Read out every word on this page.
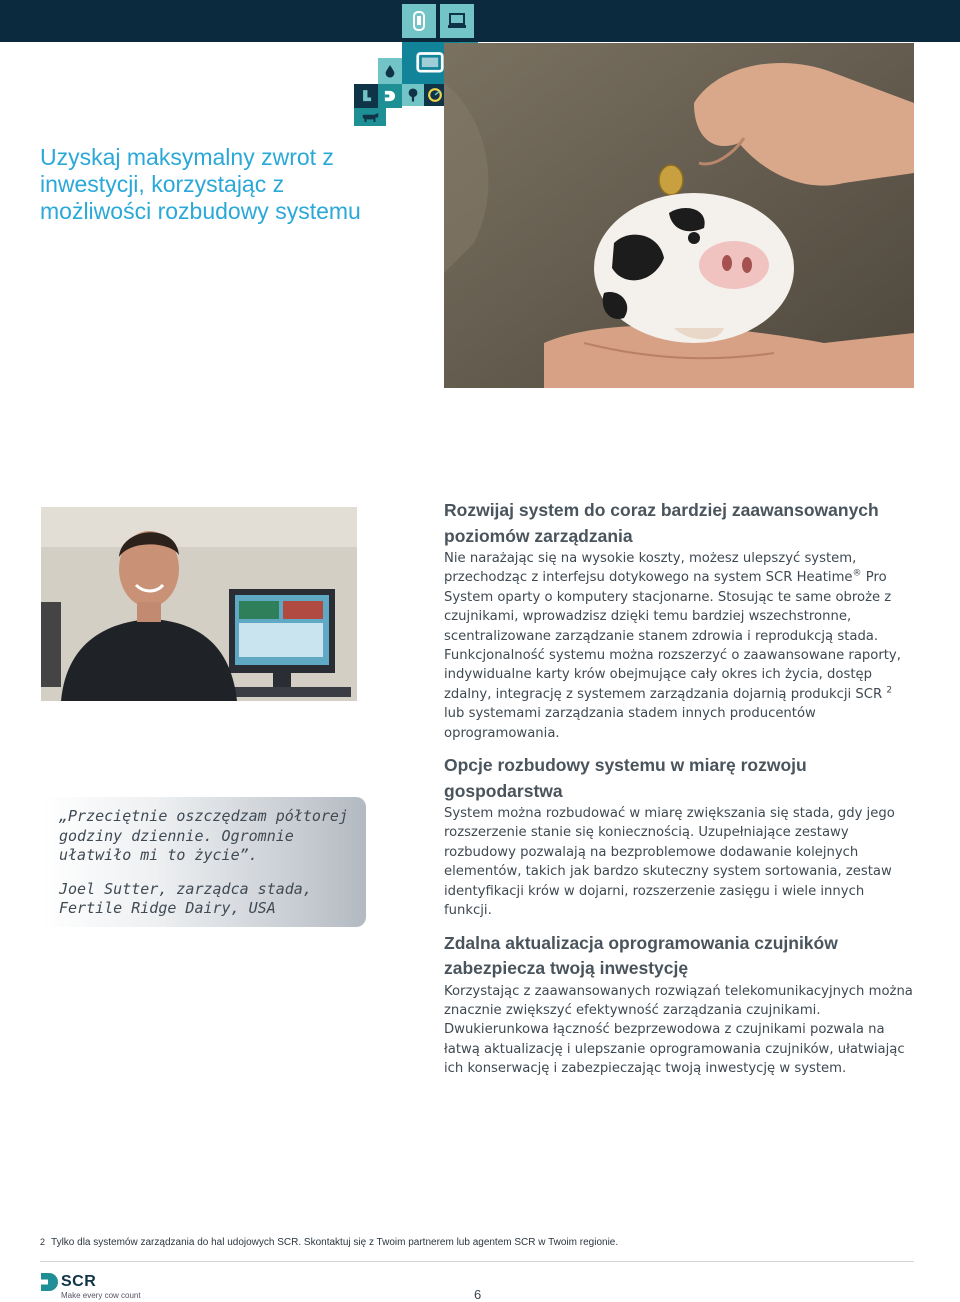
Uzyskaj maksymalny zwrot z inwestycji, korzystając z możliwości rozbudowy systemu

„Przeciętnie oszczędzam półtorej godziny dziennie. Ogromnie ułatwiło mi to życie”.

Joel Sutter, zarządca stada,

Fertile Ridge Dairy, USA

Rozwijaj system do coraz bardziej zaawansowanych poziomów zarządzania

Nie narażając się na wysokie koszty, możesz ulepszyć system, przechodząc z interfejsu dotykowego na system SCR Heatime® Pro System oparty o komputery stacjonarne. Stosując te same obroże z czujnikami, wprowadzisz dzięki temu bardziej wszechstronne, scentralizowane zarządzanie stanem zdrowia i reprodukcją stada. Funkcjonalność systemu można rozszerzyć o zaawansowane raporty, indywidualne karty krów obejmujące cały okres ich życia, dostęp zdalny, integrację z systemem zarządzania dojarnią produkcji SCR $^2$ lub systemami zarządzania stadem innych producentów oprogramowania.

Opcje rozbudowy systemu w miarę rozwoju gospodarstwa

System można rozbudować w miarę zwiększania się stada, gdy jego rozszerzenie stanie się koniecznością. Uzupełniające zestawy rozbudowy pozwalają na bezproblemowe dodawanie kolejnych elementów, takich jak bardzo skuteczny system sortowania, zestaw identyfikacji krów w dojarni, rozszerzenie zasięgu i wiele innych funkcji.

Zdalna aktualizacja oprogramowania czujników zabezpiecza twoją inwestycję

Korzystając z zaawansowanych rozwiązań telekomunikacyjnych można znacznie zwiększyć efektywność zarządzania czujnikami. Dwukierunkowa łączność bezprzewodowa z czujnikami pozwala na łatwą aktualizację i ulepszanie oprogramowania czujników, ułatwiając ich konserwację i zabezpieczając twoją inwestycję w system.

2 Tylko dla systemów zarządzania do hal udojowych SCR. Skontaktuj się z Twoim partnerem lub agentem SCR w Twoim regionie.
SCR
Make every cow count	6
